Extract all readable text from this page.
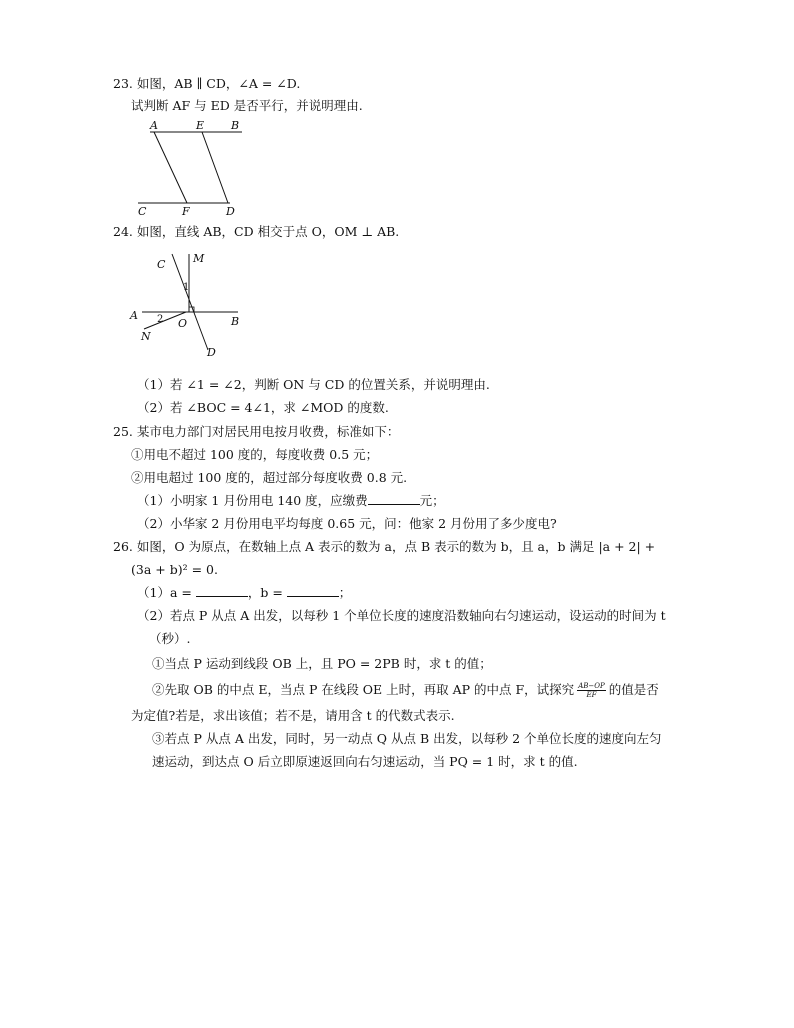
23. 如图，AB ∥ CD，∠A = ∠D.
试判断 AF 与 ED 是否平行，并说明理由.
A	E B
C	F	D
24. 如图，直线 AB，CD 相交于点 O，OM ⊥ AB.
C	M
1
A 2 O	B
N
D
（1）若 ∠1 = ∠2，判断 ON 与 CD 的位置关系，并说明理由.
（2）若 ∠BOC = 4∠1，求 ∠MOD 的度数.
25. 某市电力部门对居民用电按月收费，标准如下：
①用电不超过 100 度的，每度收费 0.5 元；
②用电超过 100 度的，超过部分每度收费 0.8 元.
（1）小明家 1 月份用电 140 度，应缴费	元；
（2）小华家 2 月份用电平均每度 0.65 元，问：他家 2 月份用了多少度电?
26. 如图，O 为原点，在数轴上点 A 表示的数为 a，点 B 表示的数为 b，且 a，b 满足 |a + 2| +
(3a + b)² = 0.
（1）a =	，b =	；
（2）若点 P 从点 A 出发，以每秒 1 个单位长度的速度沿数轴向右匀速运动，设运动的时间为 t
（秒）.
①当点 P 运动到线段 OB 上，且 PO = 2PB 时，求 t 的值；
②先取 OB 的中点 E，当点 P 在线段 OE 上时，再取 AP 的中点 F，试探究 $\frac{AB-OP}{EF}$ 的值是否
为定值?若是，求出该值；若不是，请用含 t 的代数式表示.
③若点 P 从点 A 出发，同时，另一动点 Q 从点 B 出发，以每秒 2 个单位长度的速度向左匀
速运动，到达点 O 后立即原速返回向右匀速运动，当 PQ = 1 时，求 t 的值.
